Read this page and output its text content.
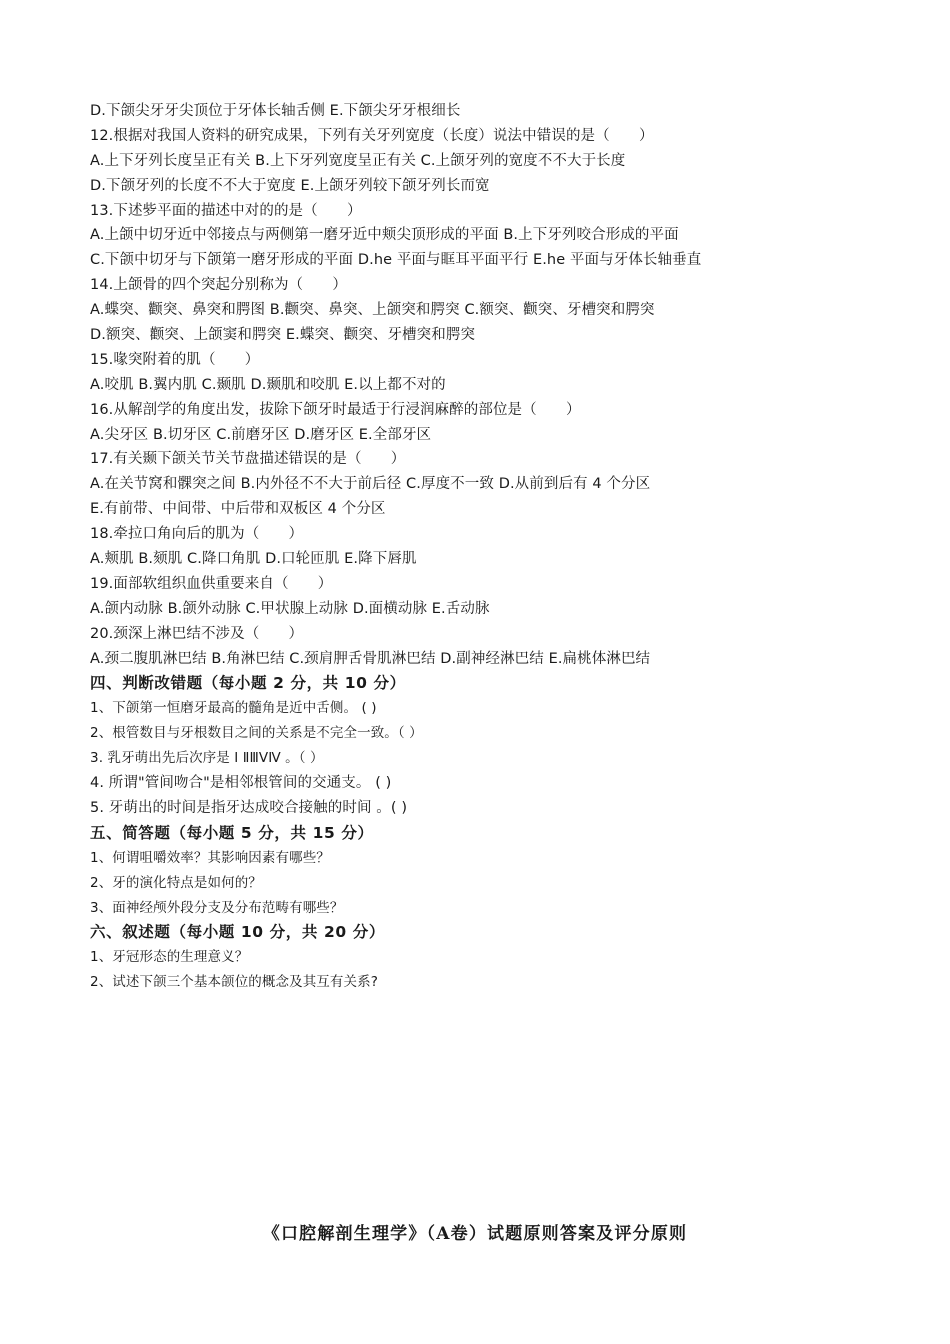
D.下颌尖牙牙尖顶位于牙体长轴舌侧 E.下颌尖牙牙根细长
12.根据对我国人资料的研究成果，下列有关牙列宽度（长度）说法中错误的是（　　）
A.上下牙列长度呈正有关 B.上下牙列宽度呈正有关 C.上颌牙列的宽度不不大于长度
D.下颌牙列的长度不不大于宽度 E.上颌牙列较下颌牙列长而宽
13.下述㱔平面的描述中对的的是（　　）
A.上颌中切牙近中邻接点与两侧第一磨牙近中颊尖顶形成的平面 B.上下牙列咬合形成的平面
C.下颌中切牙与下颌第一磨牙形成的平面 D.he 平面与眶耳平面平行 E.he 平面与牙体长轴垂直
14.上颌骨的四个突起分别称为（　　）
A.蝶突、颧突、鼻突和腭图 B.颧突、鼻突、上颌突和腭突 C.额突、颧突、牙槽突和腭突
D.额突、颧突、上颌窦和腭突 E.蝶突、颧突、牙槽突和腭突
15.喙突附着的肌（　　）
A.咬肌 B.翼内肌 C.颞肌 D.颞肌和咬肌 E.以上都不对的
16.从解剖学的角度出发，拔除下颌牙时最适于行浸润麻醉的部位是（　　）
A.尖牙区 B.切牙区 C.前磨牙区 D.磨牙区 E.全部牙区
17.有关颞下颌关节关节盘描述错误的是（　　）
A.在关节窝和髁突之间 B.内外径不不大于前后径 C.厚度不一致 D.从前到后有 4 个分区
E.有前带、中间带、中后带和双板区 4 个分区
18.牵拉口角向后的肌为（　　）
A.颊肌 B.颏肌 C.降口角肌 D.口轮匝肌 E.降下唇肌
19.面部软组织血供重要来自（　　）
A.颌内动脉 B.颌外动脉 C.甲状腺上动脉 D.面横动脉 E.舌动脉
20.颈深上淋巴结不涉及（　　）
A.颈二腹肌淋巴结 B.角淋巴结 C.颈肩胛舌骨肌淋巴结 D.副神经淋巴结 E.扁桃体淋巴结
四、判断改错题（每小题 2 分，共 10 分）
1、下颌第一恒磨牙最高的髓角是近中舌侧。 ( )
2、根管数目与牙根数目之间的关系是不完全一致。（ ）
3. 乳牙萌出先后次序是 I ⅡⅢⅤⅣ 。（ ）
4. 所谓"管间吻合"是相邻根管间的交通支。 ( )
5. 牙萌出的时间是指牙达成咬合接触的时间 。( )
五、简答题（每小题 5 分，共 15 分）
1、何谓咀嚼效率？其影响因素有哪些？
2、牙的演化特点是如何的？
3、面神经颅外段分支及分布范畴有哪些？
六、叙述题（每小题 10 分，共 20 分）
1、牙冠形态的生理意义？
2、试述下颌三个基本颌位的概念及其互有关系?
《口腔解剖生理学》（A卷）试题原则答案及评分原则
